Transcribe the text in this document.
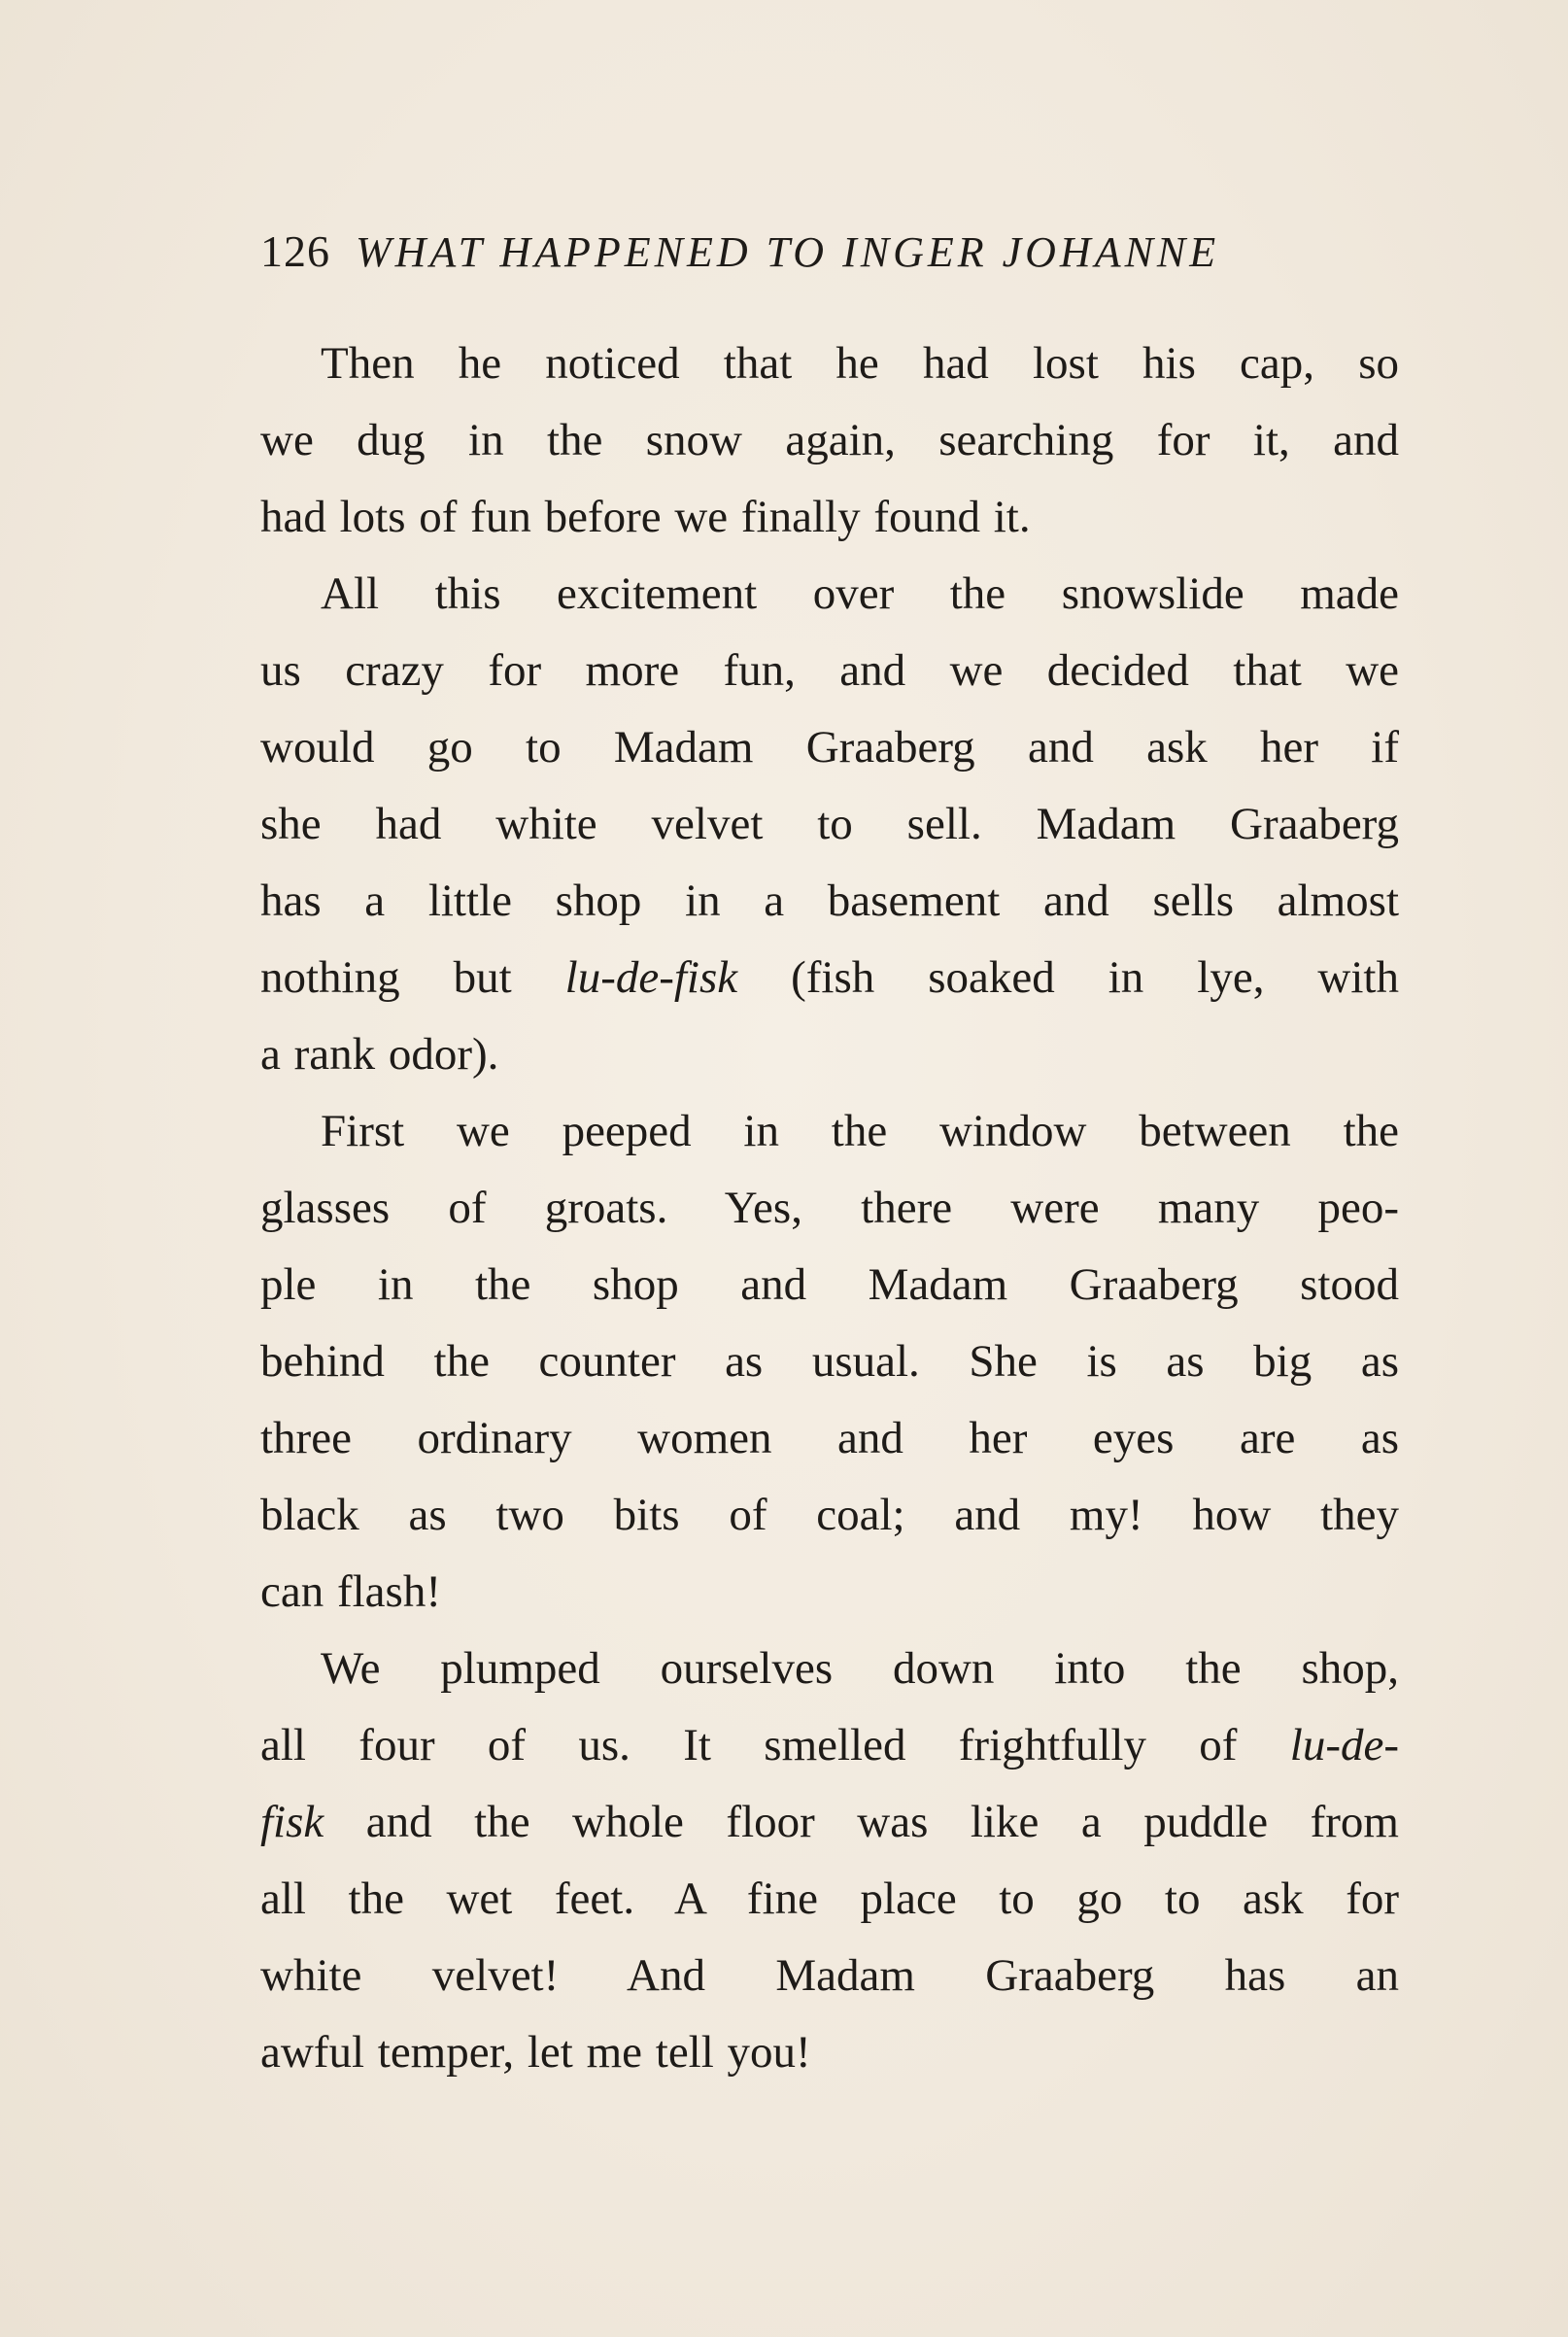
126 WHAT HAPPENED TO INGER JOHANNE
Then he noticed that he had lost his cap, so
we dug in the snow again, searching for it, and
had lots of fun before we finally found it.
All this excitement over the snowslide made
us crazy for more fun, and we decided that we
would go to Madam Graaberg and ask her if
she had white velvet to sell. Madam Graaberg
has a little shop in a basement and sells almost
nothing but lu-de-fisk (fish soaked in lye, with
a rank odor).
First we peeped in the window between the
glasses of groats. Yes, there were many peo-
ple in the shop and Madam Graaberg stood
behind the counter as usual. She is as big as
three ordinary women and her eyes are as
black as two bits of coal; and my! how they
can flash!
We plumped ourselves down into the shop,
all four of us. It smelled frightfully of lu-de-
fisk and the whole floor was like a puddle from
all the wet feet. A fine place to go to ask for
white velvet! And Madam Graaberg has an
awful temper, let me tell you!
